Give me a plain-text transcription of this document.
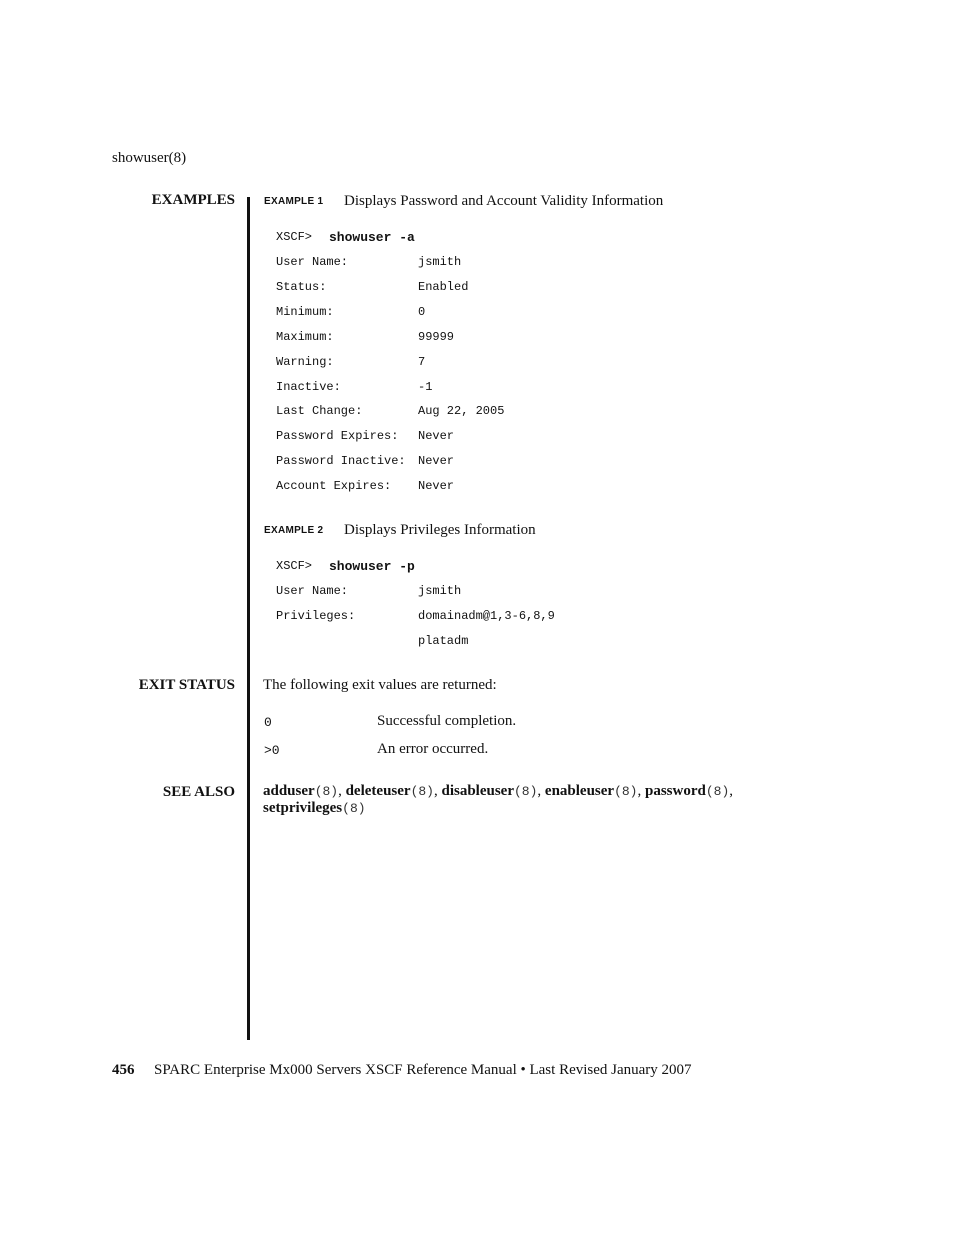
showuser(8)
EXAMPLES	EXAMPLE 1 Displays Password and Account Validity Information
XSCF> showuser -a
User Name:	jsmith
Status:	Enabled
Minimum:	0
Maximum:	99999
Warning:	7
Inactive:	-1
Last Change:	Aug 22, 2005
Password Expires: Never
Password Inactive: Never
Account Expires: Never
EXAMPLE 2 Displays Privileges Information
XSCF> showuser -p
User Name:	jsmith
Privileges:	domainadm@1,3-6,8,9
platadm
EXIT STATUS The following exit values are returned:
0	Successful completion.
>0	An error occurred.
SEE ALSO adduser(8), deleteuser(8), disableuser(8), enableuser(8), password(8),
setprivileges(8)
456 SPARC Enterprise Mx000 Servers XSCF Reference Manual • Last Revised January 2007
